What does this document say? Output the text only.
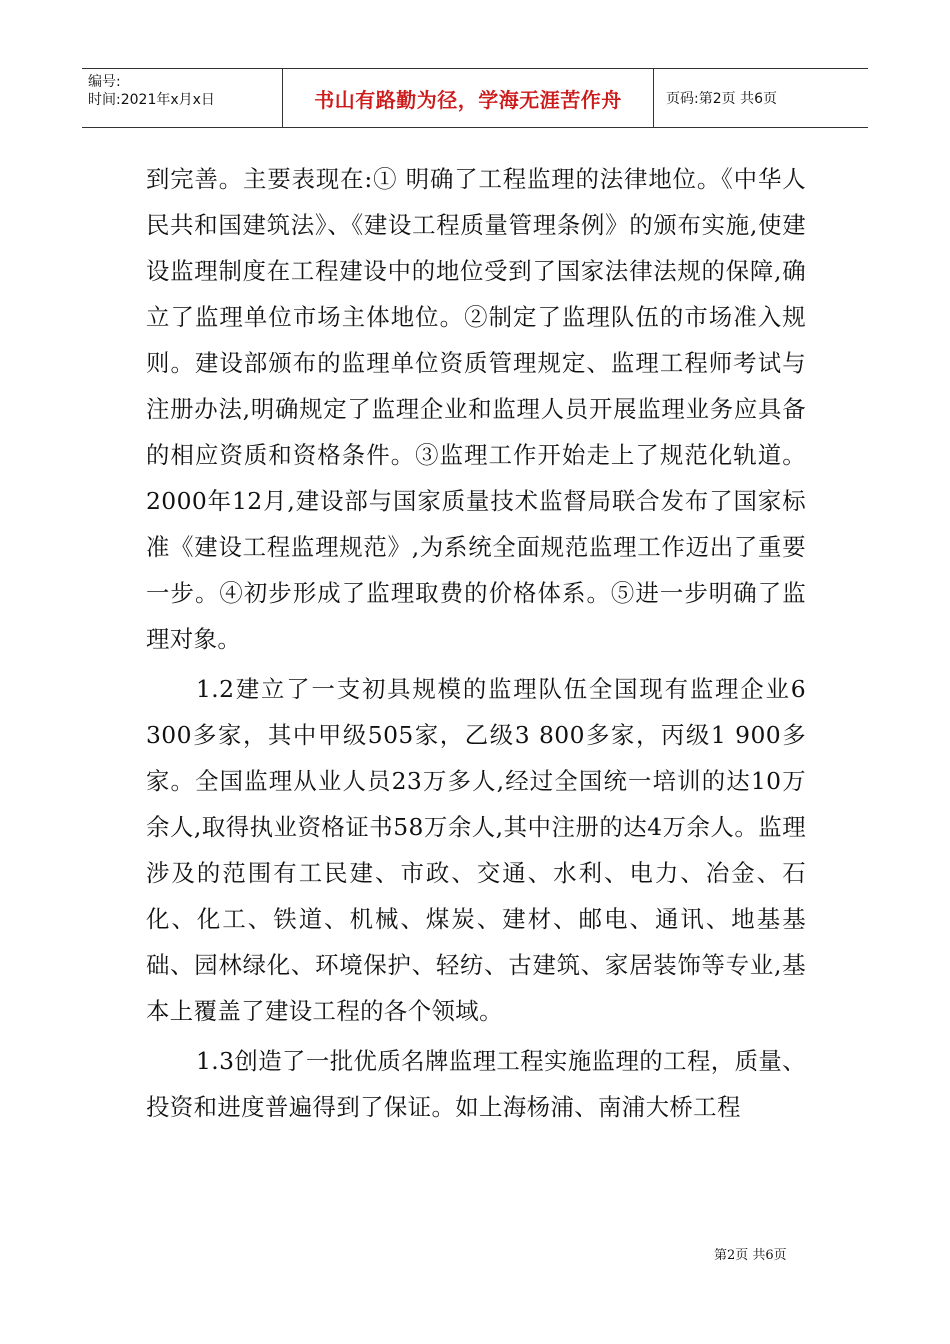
编号:
时间:2021年x月x日	书山有路勤为径，学海无涯苦作舟	页码:第2页 共6页

到完善。主要表现在:① 明确了工程监理的法律地位。《中华人民共和国建筑法》、《建设工程质量管理条例》的颁布实施,使建设监理制度在工程建设中的地位受到了国家法律法规的保障,确立了监理单位市场主体地位。②制定了监理队伍的市场准入规则。建设部颁布的监理单位资质管理规定、监理工程师考试与注册办法,明确规定了监理企业和监理人员开展监理业务应具备的相应资质和资格条件。③监理工作开始走上了规范化轨道。2000年12月,建设部与国家质量技术监督局联合发布了国家标准《建设工程监理规范》,为系统全面规范监理工作迈出了重要一步。④初步形成了监理取费的价格体系。⑤进一步明确了监理对象。

1.2建立了一支初具规模的监理队伍全国现有监理企业6 300多家，其中甲级505家，乙级3 800多家，丙级1 900多家。全国监理从业人员23万多人,经过全国统一培训的达10万余人,取得执业资格证书58万余人,其中注册的达4万余人。监理涉及的范围有工民建、市政、交通、水利、电力、冶金、石化、化工、铁道、机械、煤炭、建材、邮电、通讯、地基基础、园林绿化、环境保护、轻纺、古建筑、家居装饰等专业,基本上覆盖了建设工程的各个领域。

1.3创造了一批优质名牌监理工程实施监理的工程，质量、投资和进度普遍得到了保证。如上海杨浦、南浦大桥工程

第2页 共6页
